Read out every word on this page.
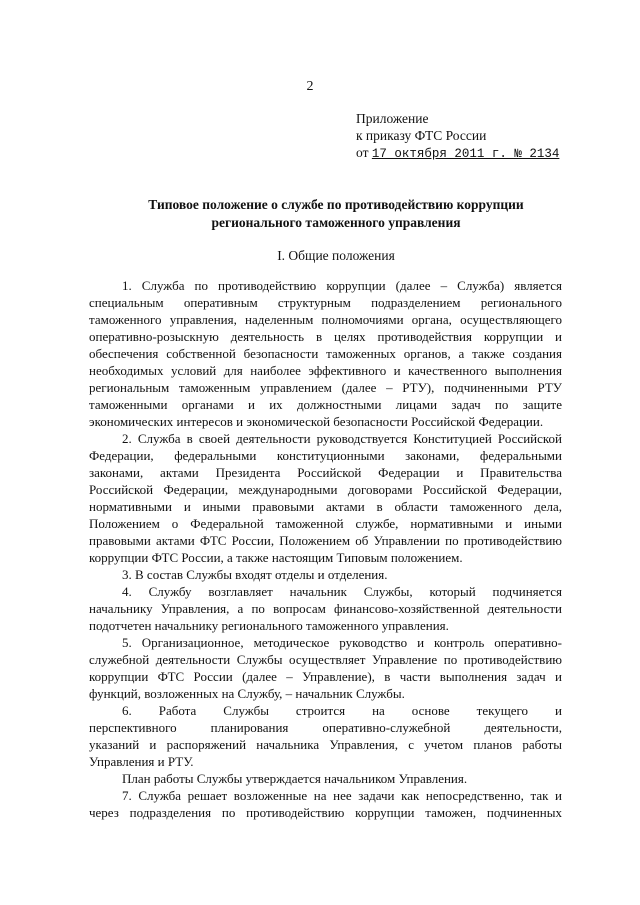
2
Приложение
к приказу ФТС России
от 17 октября 2011 г. № 2134
Типовое положение о службе по противодействию коррупции
регионального таможенного управления
I. Общие положения

1. Служба по противодействию коррупции (далее – Служба) является

специальным оперативным структурным подразделением регионального

таможенного управления, наделенным полномочиями органа, осуществляющего

оперативно-розыскную деятельность в целях противодействия коррупции и

обеспечения собственной безопасности таможенных органов, а также создания

необходимых условий для наиболее эффективного и качественного выполнения

региональным таможенным управлением (далее – РТУ), подчиненными РТУ

таможенными органами и их должностными лицами задач по защите

экономических интересов и экономической безопасности Российской Федерации.

2. Служба в своей деятельности руководствуется Конституцией Российской

Федерации, федеральными конституционными законами, федеральными

законами, актами Президента Российской Федерации и Правительства

Российской Федерации, международными договорами Российской Федерации,

нормативными и иными правовыми актами в области таможенного дела,

Положением о Федеральной таможенной службе, нормативными и иными

правовыми актами ФТС России, Положением об Управлении по противодействию

коррупции ФТС России, а также настоящим Типовым положением.

3. В состав Службы входят отделы и отделения.

4. Службу возглавляет начальник Службы, который подчиняется

начальнику Управления, а по вопросам финансово-хозяйственной деятельности

подотчетен начальнику регионального таможенного управления.

5. Организационное, методическое руководство и контроль оперативно-

служебной деятельности Службы осуществляет Управление по противодействию

коррупции ФТС России (далее – Управление), в части выполнения задач и

функций, возложенных на Службу, – начальник Службы.

6. Работа Службы строится на основе текущего и

перспективного планирования оперативно-служебной деятельности,

указаний и распоряжений начальника Управления, с учетом планов работы

Управления и РТУ.

План работы Службы утверждается начальником Управления.

7. Служба решает возложенные на нее задачи как непосредственно, так и

через подразделения по противодействию коррупции таможен, подчиненных
